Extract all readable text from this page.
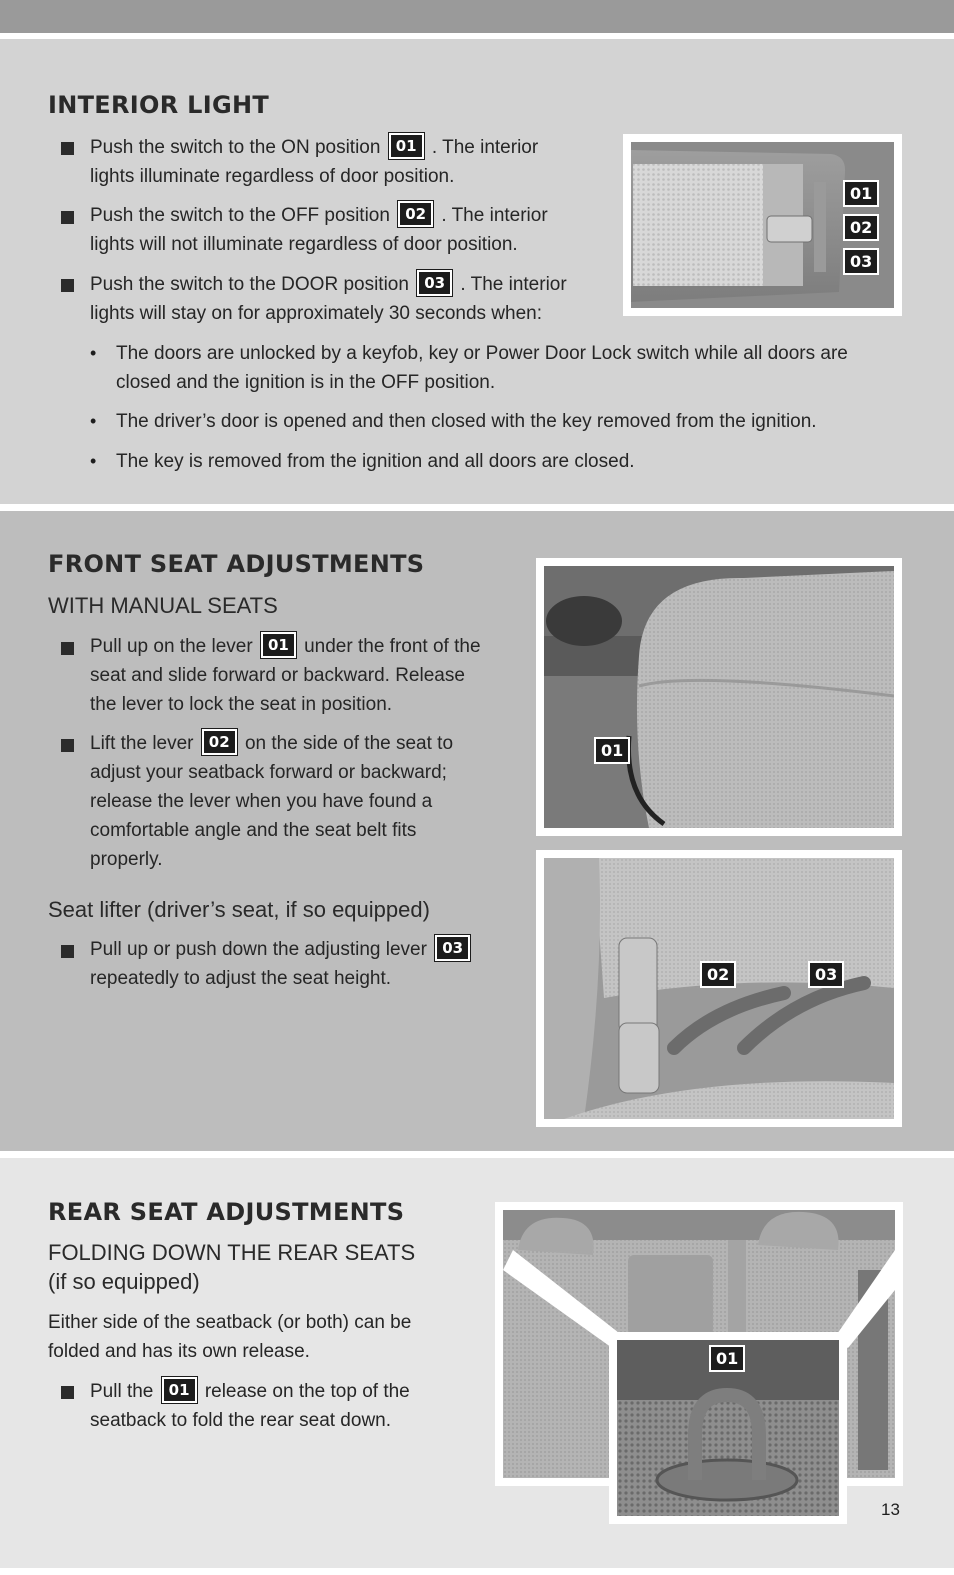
INTERIOR LIGHT
Push the switch to the ON position 01 . The interior
lights illuminate regardless of door position.
Push the switch to the OFF position 02 . The interior
lights will not illuminate regardless of door position.
Push the switch to the DOOR position 03 . The interior
lights will stay on for approximately 30 seconds when:
• The doors are unlocked by a keyfob, key or Power Door Lock switch while all doors are
closed and the ignition is in the OFF position.
• The driver’s door is opened and then closed with the key removed from the ignition.
• The key is removed from the ignition and all doors are closed.
01
02
03
FRONT SEAT ADJUSTMENTS
WITH MANUAL SEATS
Pull up on the lever 01 under the front of the
seat and slide forward or backward. Release
the lever to lock the seat in position.
Lift the lever 02 on the side of the seat to
adjust your seatback forward or backward;
release the lever when you have found a
comfortable angle and the seat belt fits
properly.
Seat lifter (driver’s seat, if so equipped)
Pull up or push down the adjusting lever 03
repeatedly to adjust the seat height.
01
02	03
REAR SEAT ADJUSTMENTS
FOLDING DOWN THE REAR SEATS
(if so equipped)
Either side of the seatback (or both) can be
folded and has its own release.
Pull the 01 release on the top of the
seatback to fold the rear seat down.
01
13
